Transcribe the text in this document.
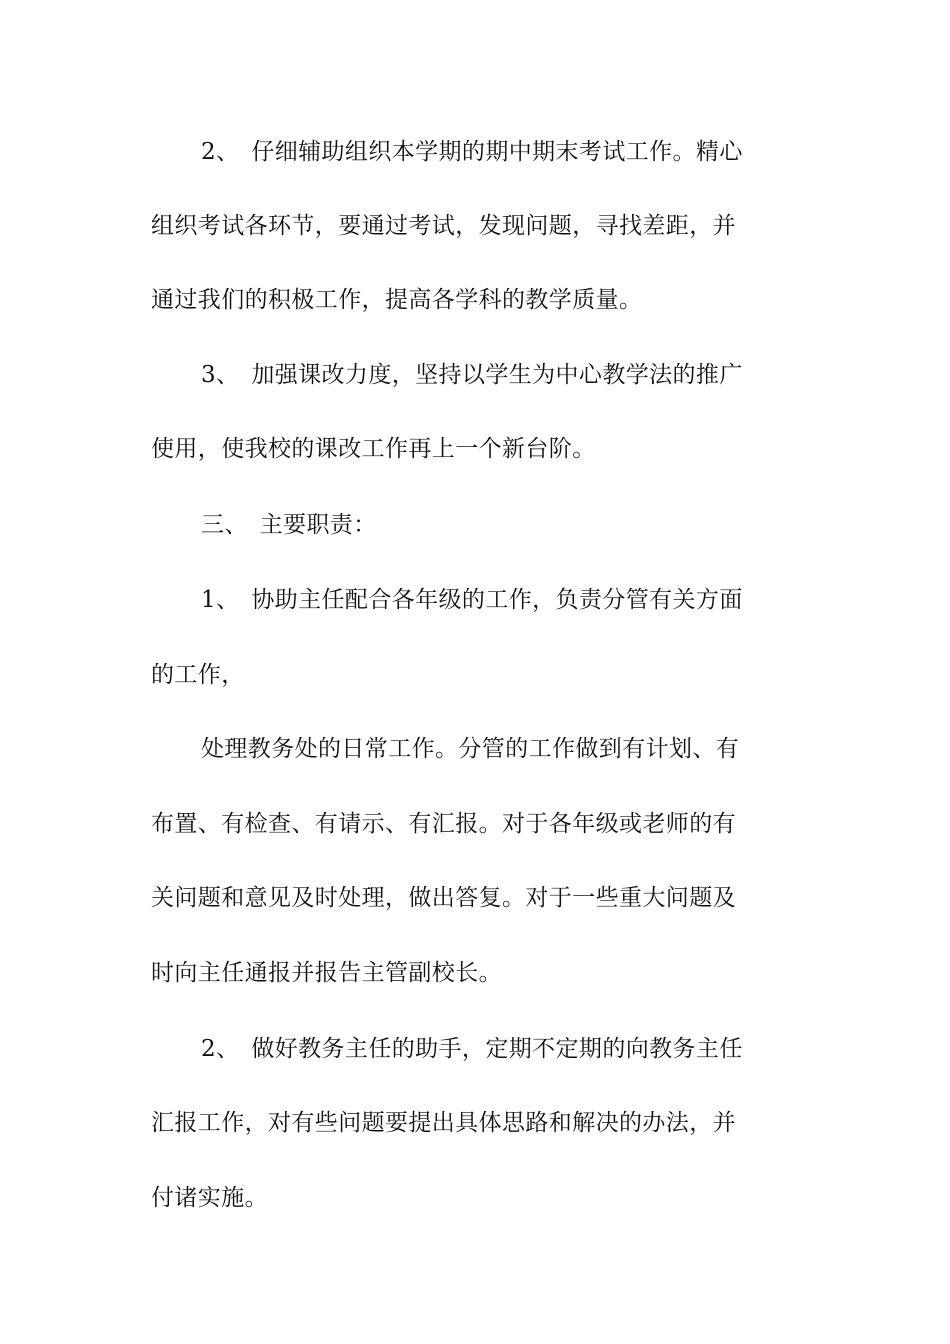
2、　仔细辅助组织本学期的期中期末考试工作。精心
组织考试各环节，要通过考试，发现问题，寻找差距，并
通过我们的积极工作，提高各学科的教学质量。
3、　加强课改力度，坚持以学生为中心教学法的推广
使用，使我校的课改工作再上一个新台阶。
三、　主要职责：
1、　协助主任配合各年级的工作，负责分管有关方面
的工作，
处理教务处的日常工作。分管的工作做到有计划、有
布置、有检查、有请示、有汇报。对于各年级或老师的有
关问题和意见及时处理，做出答复。对于一些重大问题及
时向主任通报并报告主管副校长。
2、　做好教务主任的助手，定期不定期的向教务主任
汇报工作，对有些问题要提出具体思路和解决的办法，并
付诸实施。
